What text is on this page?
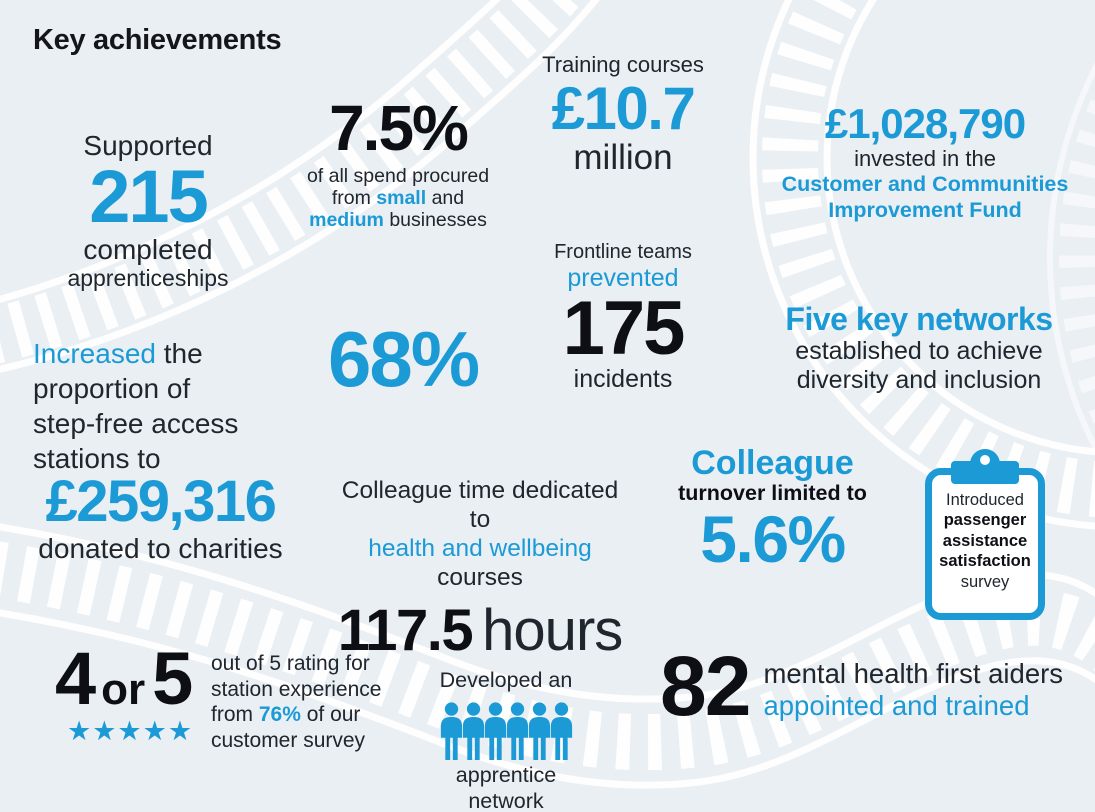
Key achievements
Supported
215
completed
apprenticeships
7.5%
of all spend procured
from small and
medium businesses
Training courses
£10.7
million
£1,028,790
invested in the
Customer and Communities
Improvement Fund
Frontline teams
prevented
175
incidents
Five key networks
established to achieve
diversity and inclusion
Increased the proportion of
step-free access stations to
68%
£259,316
donated to charities
Colleague time dedicated to
health and wellbeing courses
117.5 hours
Colleague
turnover limited to
5.6%
Introduced
passenger
assistance
satisfaction
survey
4 or 5
★★★★★
out of 5 rating for
station experience
from 76% of our
customer survey
Developed an
apprentice network
82 mental health first aiders
appointed and trained
